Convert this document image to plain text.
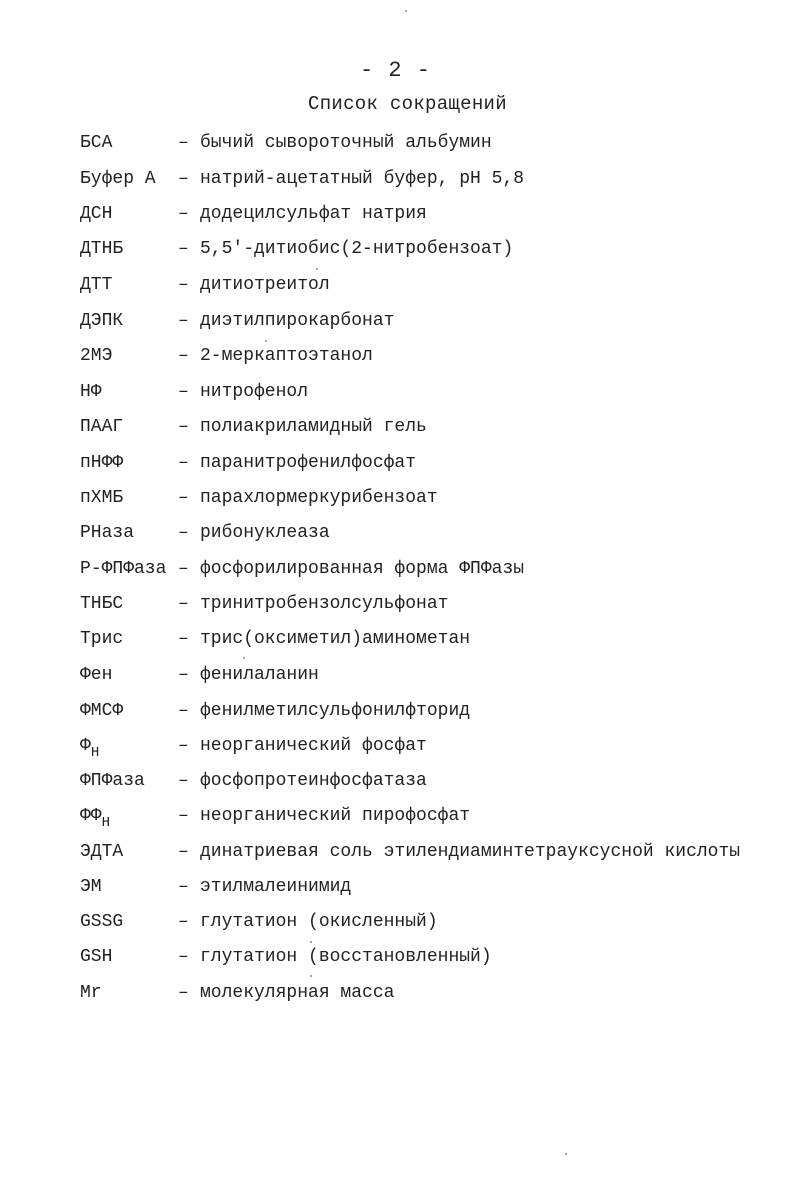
- 2 -
Список сокращений
БСА	– бычий сывороточный альбумин
Буфер А – натрий-ацетатный буфер, рН 5,8
ДСН	– додецилсульфат натрия
ДТНБ	– 5,5'-дитиобис(2-нитробензоат)
ДТТ	– дитиотреитол
ДЭПК	– диэтилпирокарбонат
2МЭ	– 2-меркаптоэтанол
НФ	– нитрофенол
ПААГ	– полиакриламидный гель
пНФФ	– паранитрофенилфосфат
пХМБ	– парахлормеркурибензоат
РНаза – рибонуклеаза
Р-ФПФаза – фосфорилированная форма ФПФазы
ТНБС	– тринитробензолсульфонат
Трис	– трис(оксиметил)аминометан
Фен	– фенилаланин
ФМСФ	– фенилметилсульфонилфторид
$Ф_Н$	– неорганический фосфат
ФПФаза – фосфопротеинфосфатаза
$ФФ_Н$	– неорганический пирофосфат
ЭДТА	– динатриевая соль этилендиаминтетрауксусной кислоты
ЭМ	– этилмалеинимид
GSSG	– глутатион (окисленный)
GSH	– глутатион (восстановленный)
Mr	– молекулярная масса
